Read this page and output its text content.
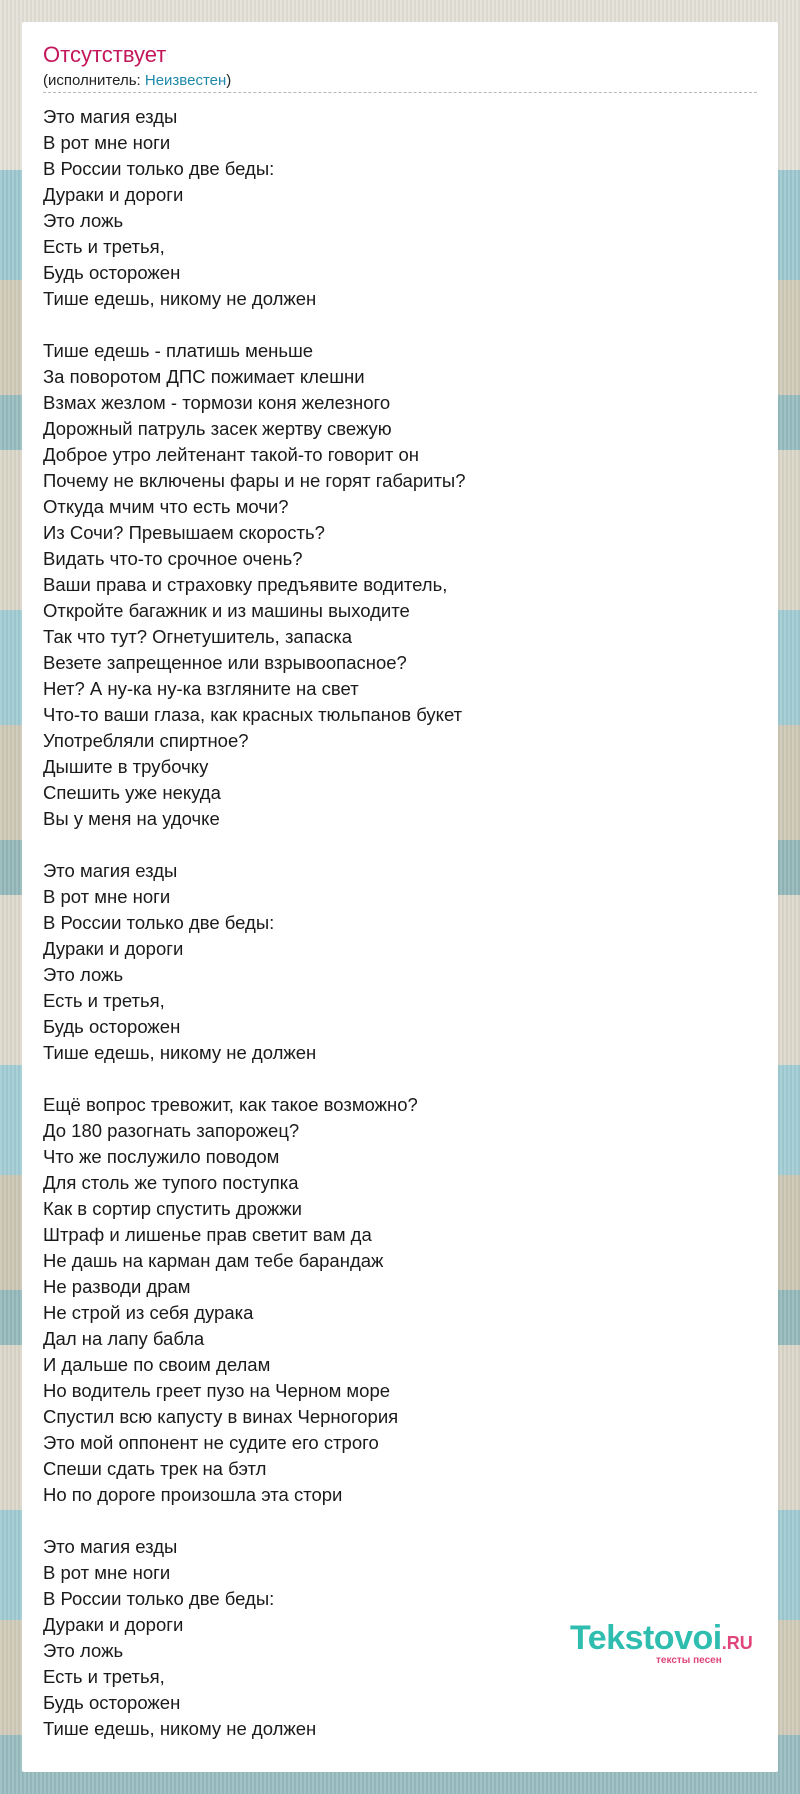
Отсутствует
(исполнитель: Неизвестен)
Это магия езды
В рот мне ноги
В России только две беды:
Дураки и дороги
Это ложь
Есть и третья,
Будь осторожен
Тише едешь, никому не должен
Тише едешь - платишь меньше
За поворотом ДПС пожимает клешни
Взмах жезлом - тормози коня железного
Дорожный патруль засек жертву свежую
Доброе утро лейтенант такой-то говорит он
Почему не включены фары и не горят габариты?
Откуда мчим что есть мочи?
Из Сочи? Превышаем скорость?
Видать что-то срочное очень?
Ваши права и страховку предъявите водитель,
Откройте багажник и из машины выходите
Так что тут? Огнетушитель, запаска
Везете запрещенное или взрывоопасное?
Нет? А ну-ка ну-ка взгляните на свет
Что-то ваши глаза, как красных тюльпанов букет
Употребляли спиртное?
Дышите в трубочку
Спешить уже некуда
Вы у меня на удочке
Это магия езды
В рот мне ноги
В России только две беды:
Дураки и дороги
Это ложь
Есть и третья,
Будь осторожен
Тише едешь, никому не должен
Ещё вопрос тревожит, как такое возможно?
До 180 разогнать запорожец?
Что же послужило поводом
Для столь же тупого поступка
Как в сортир спустить дрожжи
Штраф и лишенье прав светит вам да
Не дашь на карман дам тебе барандаж
Не разводи драм
Не строй из себя дурака
Дал на лапу бабла
И дальше по своим делам
Но водитель греет пузо на Черном море
Спустил всю капусту в винах Черногория
Это мой оппонент не судите его строго
Спеши сдать трек на бэтл
Но по дороге произошла эта стори
Это магия езды
В рот мне ноги
В России только две беды:
Дураки и дороги
Это ложь
Есть и третья,
Будь осторожен
Тише едешь, никому не должен
Tekstovoi.RU
тексты песен
